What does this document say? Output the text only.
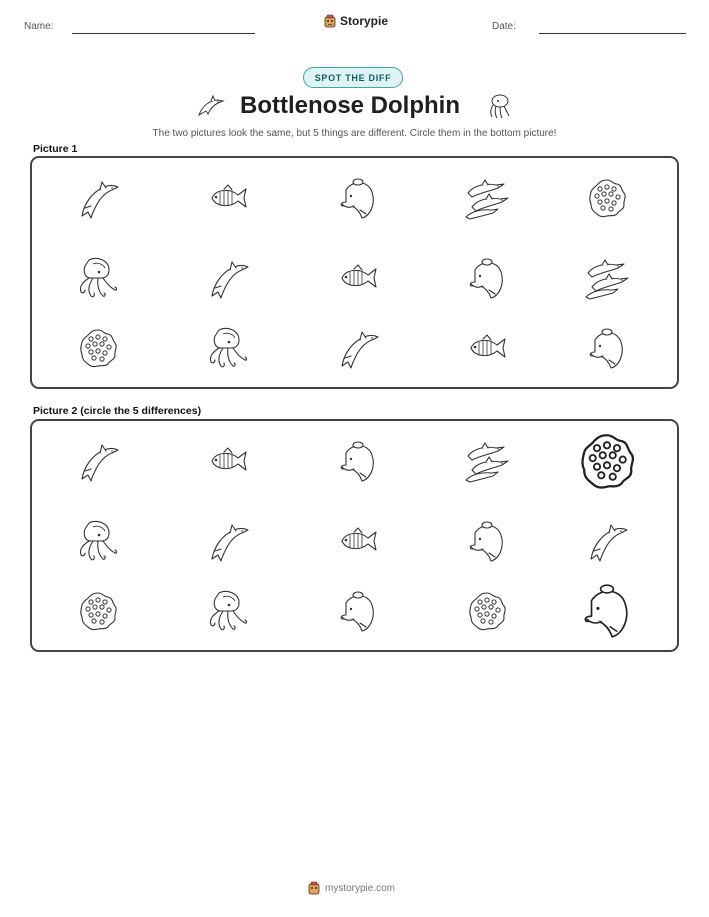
Name:	Storypie	Date:
SPOT THE DIFF
Bottlenose Dolphin
The two pictures look the same, but 5 things are different. Circle them in the bottom picture!
Picture 1
Picture 2 (circle the 5 differences)
mystorypie.com
